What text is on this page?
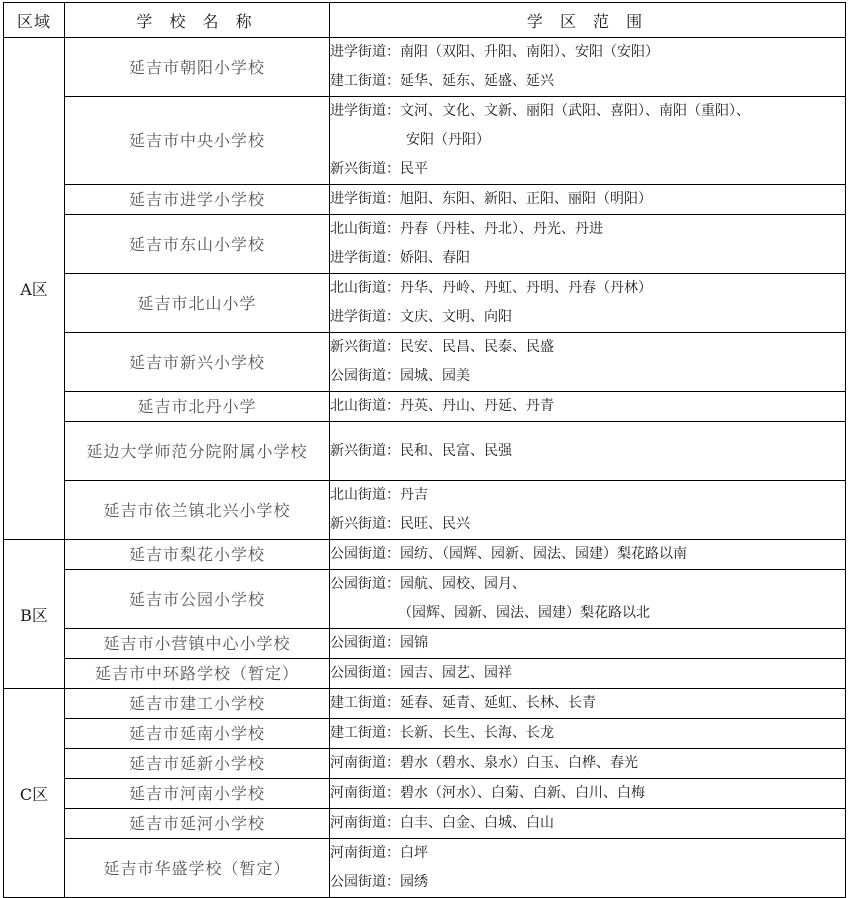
区域	学 校 名 称	学 区 范 围
A区	延吉市朝阳小学校	进学街道：南阳（双阳、升阳、南阳）、安阳（安阳）
建工街道：延华、延东、延盛、延兴

	延吉市中央小学校	进学街道：文河、文化、文新、丽阳（武阳、喜阳）、南阳（重阳）、
安阳（丹阳）
新兴街道：民平

	延吉市进学小学校	进学街道：旭阳、东阳、新阳、正阳、丽阳（明阳）

	延吉市东山小学校	北山街道：丹春（丹桂、丹北）、丹光、丹进
进学街道：娇阳、春阳

	延吉市北山小学	北山街道：丹华、丹岭、丹虹、丹明、丹春（丹林）
进学街道：文庆、文明、向阳

	延吉市新兴小学校	新兴街道：民安、民昌、民泰、民盛
公园街道：园城、园美

	延吉市北丹小学	北山街道：丹英、丹山、丹延、丹青

	延边大学师范分院附属小学校	新兴街道：民和、民富、民强

	延吉市依兰镇北兴小学校	北山街道：丹吉
新兴街道：民旺、民兴

B区	延吉市梨花小学校	公园街道：园纺、（园辉、园新、园法、园建）梨花路以南

	延吉市公园小学校	公园街道：园航、园校、园月、
（园辉、园新、园法、园建）梨花路以北

	延吉市小营镇中心小学校	公园街道：园锦

	延吉市中环路学校（暂定）	公园街道：园吉、园艺、园祥

C区	延吉市建工小学校	建工街道：延春、延青、延虹、长林、长青

	延吉市延南小学校	建工街道：长新、长生、长海、长龙

	延吉市延新小学校	河南街道：碧水（碧水、泉水）白玉、白桦、春光

	延吉市河南小学校	河南街道：碧水（河水）、白菊、白新、白川、白梅

	延吉市延河小学校	河南街道：白丰、白金、白城、白山

	延吉市华盛学校（暂定）	河南街道：白坪
公园街道：园绣
